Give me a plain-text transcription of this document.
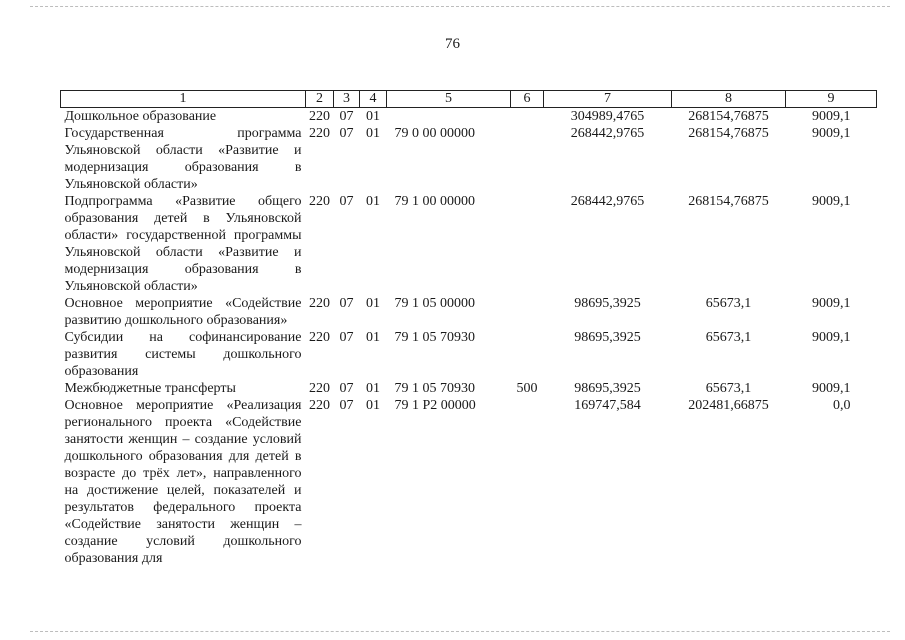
76
1	2	3	4	5	6	7	8	9
Дошкольное образование	220	07	01			304989,4765	268154,76875	9009,1
Государственная программа Ульяновской области «Развитие и модернизация образования в Ульяновской области»	220	07	01	79 0 00 00000		268442,9765	268154,76875	9009,1
Подпрограмма «Развитие общего образования детей в Ульяновской области» государственной программы Ульяновской области «Развитие и модернизация образования в Ульяновской области»	220	07	01	79 1 00 00000		268442,9765	268154,76875	9009,1
Основное мероприятие «Содействие развитию дошкольного образования»	220	07	01	79 1 05 00000		98695,3925	65673,1	9009,1
Субсидии на софинансирование развития системы дошкольного образования	220	07	01	79 1 05 70930		98695,3925	65673,1	9009,1
Межбюджетные трансферты	220	07	01	79 1 05 70930	500	98695,3925	65673,1	9009,1
Основное мероприятие «Реализация регионального проекта «Содействие занятости женщин – создание условий дошкольного образования для детей в возрасте до трёх лет», направленного на достижение целей, показателей и результатов федерального проекта «Содействие занятости женщин – создание условий дошкольного образования для	220	07	01	79 1 P2 00000		169747,584	202481,66875	0,0
